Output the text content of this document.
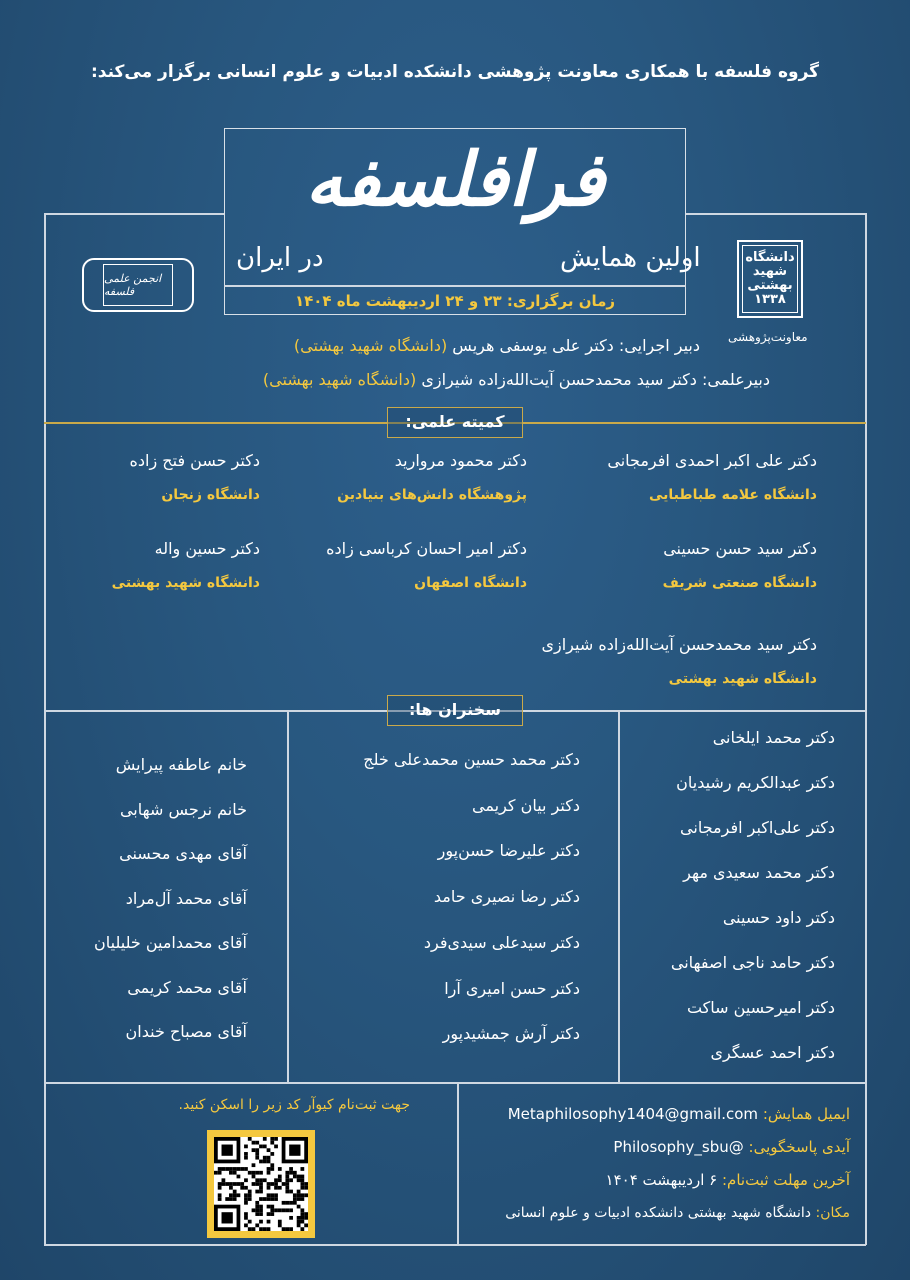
گروه فلسفه با همکاری معاونت پژوهشی دانشکده ادبیات و علوم انسانی برگزار می‌کند:
فرافلسفه
اولین همایش
در ایران
زمان برگزاری: ۲۳ و ۲۴ اردیبهشت ماه ۱۴۰۴
دانشگاه شهید بهشتی ۱۳۳۸
معاونت‌پژوهشی
انجمن علمی فلسفه
دبیر اجرایی: دکتر علی یوسفی هریس (دانشگاه شهید بهشتی)
دبیرعلمی: دکتر سید محمدحسن آیت‌الله‌زاده شیرازی (دانشگاه شهید بهشتی)
کمیته علمی:
دکتر علی اکبر احمدی افرمجانی
دانشگاه علامه طباطبایی
دکتر محمود مروارید
پژوهشگاه دانش‌های بنیادین
دکتر حسن فتح زاده
دانشگاه زنجان
دکتر سید حسن حسینی
دانشگاه صنعتی شریف
دکتر امیر احسان کرباسی زاده
دانشگاه اصفهان
دکتر حسین واله
دانشگاه شهید بهشتی
دکتر سید محمدحسن آیت‌الله‌زاده شیرازی
دانشگاه شهید بهشتی
سخنران ها:
دکتر محمد ایلخانی
دکتر عبدالکریم رشیدیان
دکتر علی‌اکبر افرمجانی
دکتر محمد سعیدی مهر
دکتر داود حسینی
دکتر حامد ناجی اصفهانی
دکتر امیرحسین ساکت
دکتر احمد عسگری
دکتر محمد حسین محمدعلی خلج
دکتر بیان کریمی
دکتر علیرضا حسن‌پور
دکتر رضا نصیری حامد
دکتر سیدعلی سیدی‌فرد
دکتر حسن امیری آرا
دکتر آرش جمشیدپور
خانم عاطفه پیرایش
خانم نرجس شهابی
آقای مهدی محسنی
آقای محمد آل‌مراد
آقای محمدامین خلیلیان
آقای محمد کریمی
آقای مصباح خندان
جهت ثبت‌نام کیوآر کد زیر را اسکن کنید.	ایمیل همایش: Metaphilosophy1404@gmail.com
آیدی پاسخگویی: @Philosophy_sbu
آخرین مهلت ثبت‌نام: ۶ اردیبهشت ۱۴۰۴
مکان: دانشگاه شهید بهشتی دانشکده ادبیات و علوم انسانی
